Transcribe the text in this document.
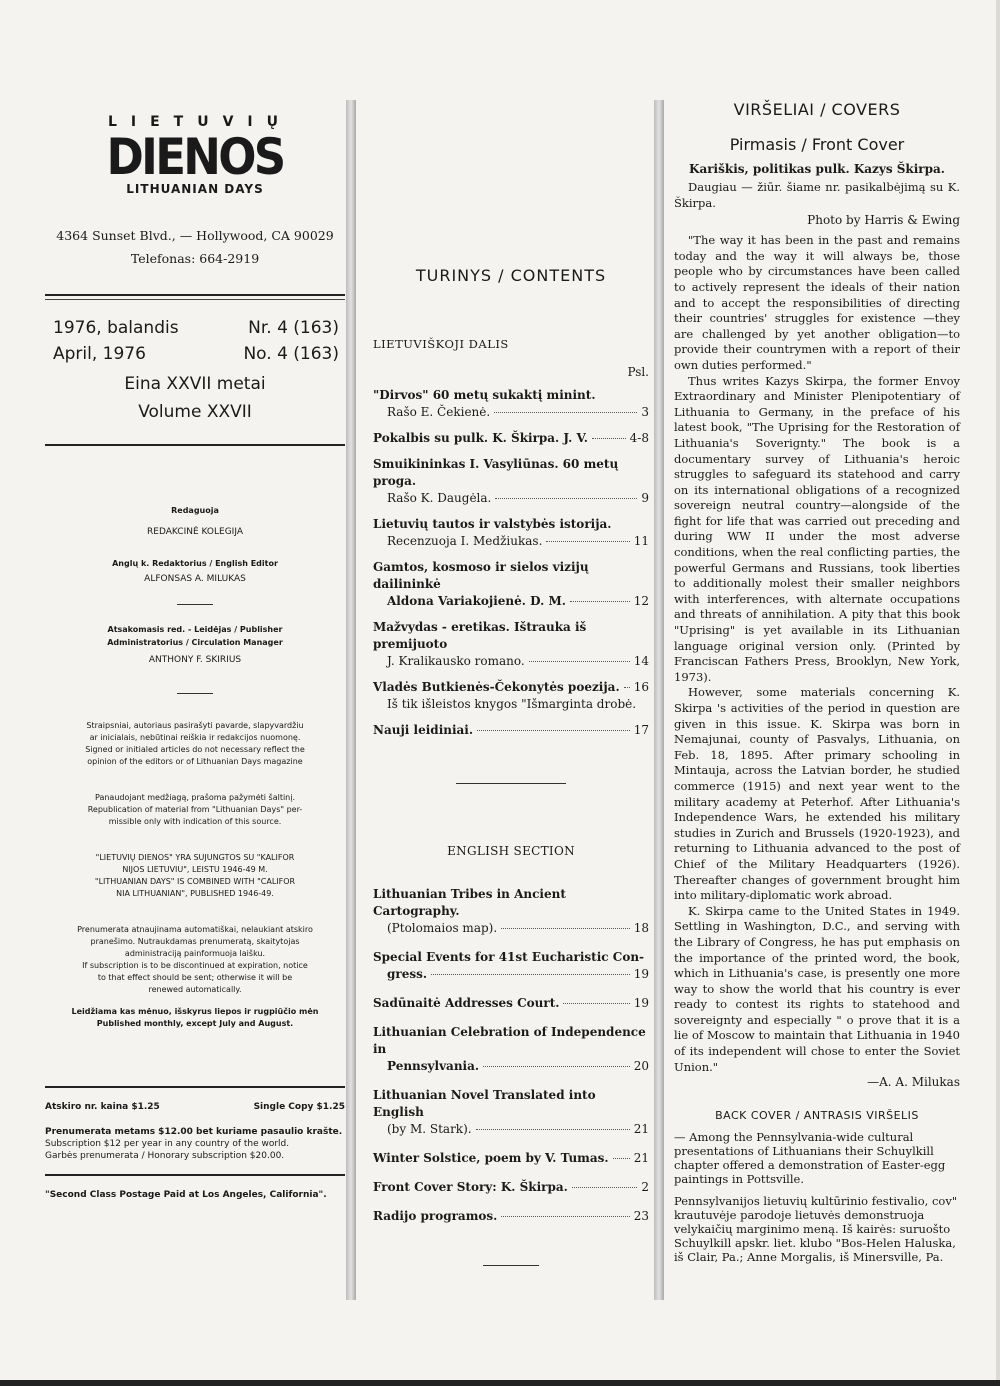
LIETUVIŲ
DIENOS
LITHUANIAN DAYS
4364 Sunset Blvd., — Hollywood, CA 90029
Telefonas: 664-2919
1976, balandis	Nr. 4 (163)
April, 1976	No. 4 (163)
Eina XXVII metai
Volume XXVII
Redaguoja
REDAKCINĖ KOLEGIJA
Anglų k. Redaktorius / English Editor
ALFONSAS A. MILUKAS
Atsakomasis red. - Leidėjas / Publisher
Administratorius / Circulation Manager
ANTHONY F. SKIRIUS
Straipsniai, autoriaus pasirašyti pavarde, slapyvardžiu
ar inicialais, nebūtinai reiškia ir redakcijos nuomonę.
Signed or initialed articles do not necessary reflect the
opinion of the editors or of Lithuanian Days magazine
Panaudojant medžiagą, prašoma pažymėti šaltinį.
Republication of material from "Lithuanian Days" per-
missible only with indication of this source.
"LIETUVIŲ DIENOS" YRA SUJUNGTOS SU "KALIFOR
NIJOS LIETUVIU", LEISTU 1946-49 M.
"LITHUANIAN DAYS" IS COMBINED WITH "CALIFOR
NIA LITHUANIAN", PUBLISHED 1946-49.
Prenumerata atnaujinama automatiškai, nelaukiant atskiro
pranešimo. Nutraukdamas prenumeratą, skaitytojas
administraciją painformuoja laišku.
If subscription is to be discontinued at expiration, notice
to that effect should be sent; otherwise it will be
renewed automatically.
Leidžiama kas mėnuo, išskyrus liepos ir rugpiūčio mėn
Published monthly, except July and August.
Atskiro nr. kaina $1.25	Single Copy $1.25
Prenumerata metams $12.00 bet kuriame pasaulio krašte.
Subscription $12 per year in any country of the world.
Garbės prenumerata / Honorary subscription $20.00.
"Second Class Postage Paid at Los Angeles, California".
TURINYS / CONTENTS
LIETUVIŠKOJI DALIS
Psl.
"Dirvos" 60 metų sukaktį minint.
Rašo E. Čekienė.	3
Pokalbis su pulk. K. Škirpa. J. V.	4-8
Smuikininkas I. Vasyliūnas. 60 metų proga.
Rašo K. Daugėla.	9
Lietuvių tautos ir valstybės istorija.
Recenzuoja I. Medžiukas.	11
Gamtos, kosmoso ir sielos vizijų dailininkė
Aldona Variakojienė. D. M.	12
Mažvydas - eretikas. Ištrauka iš premijuoto
J. Kralikausko romano.	14
Vladės Butkienės-Čekonytės poezija. 16
Iš tik išleistos knygos "Išmarginta drobė.
Nauji leidiniai.	17
ENGLISH SECTION
Lithuanian Tribes in Ancient Cartography.
(Ptolomaios map).	18
Special Events for 41st Eucharistic Con-
gress.	19
Sadūnaitė Addresses Court.	19
Lithuanian Celebration of Independence in
Pennsylvania.	20
Lithuanian Novel Translated into English
(by M. Stark).	21
Winter Solstice, poem by V. Tumas. 21
Front Cover Story: K. Škirpa.	2
Radijo programos.	23
VIRŠELIAI / COVERS
Pirmasis / Front Cover
Kariškis, politikas pulk. Kazys Škirpa.

Daugiau — žiūr. šiame nr. pasikalbėjimą su K. Škirpa.

Photo by Harris & Ewing

"The way it has been in the past and remains today and the way it will always be, those people who by circumstances have been called to actively represent the ideals of their nation and to accept the responsibilities of directing their countries' struggles for existence —they are challenged by yet another obligation—to provide their countrymen with a report of their own duties performed."

Thus writes Kazys Skirpa, the former Envoy Extraordinary and Minister Plenipotentiary of Lithuania to Germany, in the preface of his latest book, "The Uprising for the Restoration of Lithuania's Soverignty." The book is a documentary survey of Lithuania's heroic struggles to safeguard its statehood and carry on its international obligations of a recognized sovereign neutral country—alongside of the fight for life that was carried out preceding and during WW II under the most adverse conditions, when the real conflicting parties, the powerful Germans and Russians, took liberties to additionally molest their smaller neighbors with interferences, with alternate occupations and threats of annihilation. A pity that this book "Uprising" is yet available in its Lithuanian language original version only. (Printed by Franciscan Fathers Press, Brooklyn, New York, 1973).

However, some materials concerning K. Skirpa 's activities of the period in question are given in this issue. K. Skirpa was born in Nemajunai, county of Pasvalys, Lithuania, on Feb. 18, 1895. After primary schooling in Mintauja, across the Latvian border, he studied commerce (1915) and next year went to the military academy at Peterhof. After Lithuania's Independence Wars, he extended his military studies in Zurich and Brussels (1920-1923), and returning to Lithuania advanced to the post of Chief of the Military Headquarters (1926). Thereafter changes of government brought him into military-diplomatic work abroad.

K. Skirpa came to the United States in 1949. Settling in Washington, D.C., and serving with the Library of Congress, he has put emphasis on the importance of the printed word, the book, which in Lithuania's case, is presently one more way to show the world that his country is ever ready to contest its rights to statehood and sovereignty and especially " o prove that it is a lie of Moscow to maintain that Lithuania in 1940 of its independent will chose to enter the Soviet Union."

—A. A. Milukas
BACK COVER / ANTRASIS VIRŠELIS

— Among the Pennsylvania-wide cultural presentations of Lithuanians their Schuylkill chapter offered a demonstration of Easter-egg paintings in Pottsville.

Pennsylvanijos lietuvių kultūrinio festivalio, cov" krautuvėje parodoje lietuvės demonstruoja velykaičių marginimo meną. Iš kairės: suruošto Schuylkill apskr. liet. klubo "Bos-Helen Haluska, iš Clair, Pa.; Anne Morgalis, iš Minersville, Pa.
